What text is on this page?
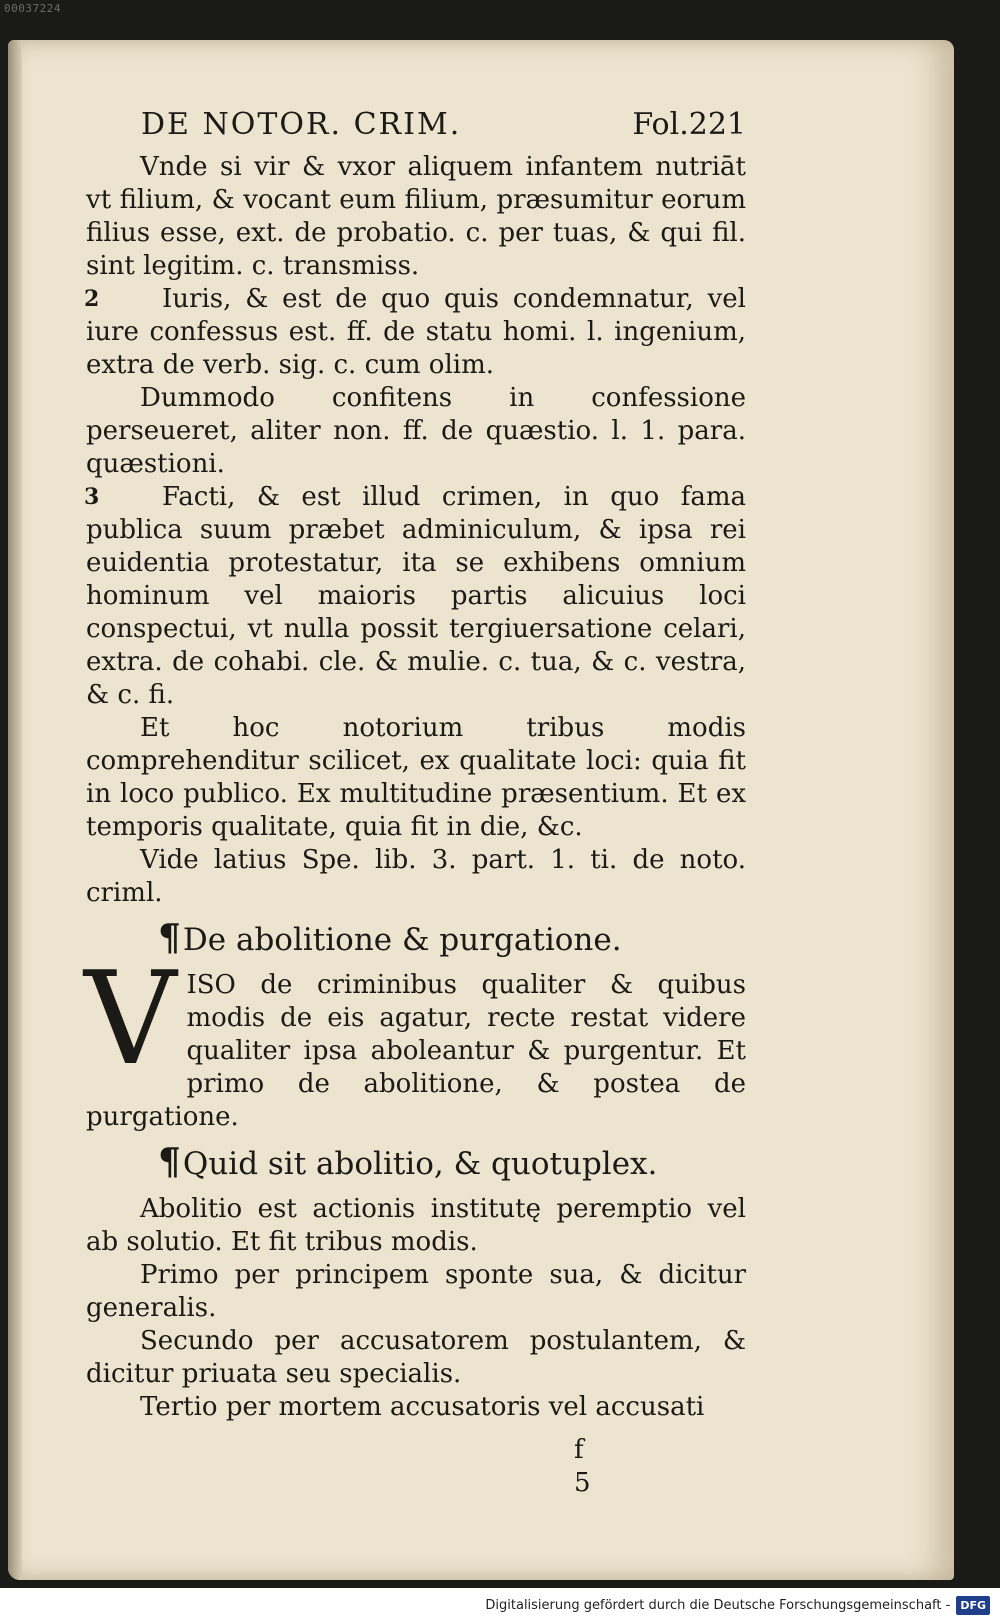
00037224
DE NOTOR. CRIM.	Fol.221

Vnde si vir & vxor aliquem infantem nutriāt vt filium, & vocant eum filium, præsumitur eorum filius esse, ext. de probatio. c. per tuas, & qui fil. sint legitim. c. transmiss.

2	Iuris, & est de quo quis condemnatur, vel iure confessus est. ff. de statu homi. l. ingenium, extra de verb. sig. c. cum olim.

Dummodo confitens in confessione perseueret, aliter non. ff. de quæstio. l. 1. para. quæstioni.

3	Facti, & est illud crimen, in quo fama publica suum præbet adminiculum, & ipsa rei euidentia protestatur, ita se exhibens omnium hominum vel maioris partis alicuius loci conspectui, vt nulla possit tergiuersatione celari, extra. de cohabi. cle. & mulie. c. tua, & c. vestra, & c. fi.

Et hoc notorium tribus modis comprehenditur scilicet, ex qualitate loci: quia fit in loco publico. Ex multitudine præsentium. Et ex temporis qualitate, quia fit in die, &c.

Vide latius Spe. lib. 3. part. 1. ti. de noto. criml.

¶ De abolitione & purgatione.
V ISO de criminibus qualiter & quibus modis de eis agatur, recte restat videre qualiter ipsa aboleantur & purgentur. Et primo de abolitione, & postea de purgatione.

¶ Quid sit abolitio, & quotuplex.

Abolitio est actionis institutę peremptio vel ab solutio. Et fit tribus modis.

Primo per principem sponte sua, & dicitur generalis.

Secundo per accusatorem postulantem, & dicitur priuata seu specialis.

Tertio per mortem accusatoris vel accusati

f 5
Digitalisierung gefördert durch die Deutsche Forschungsgemeinschaft - DFG
